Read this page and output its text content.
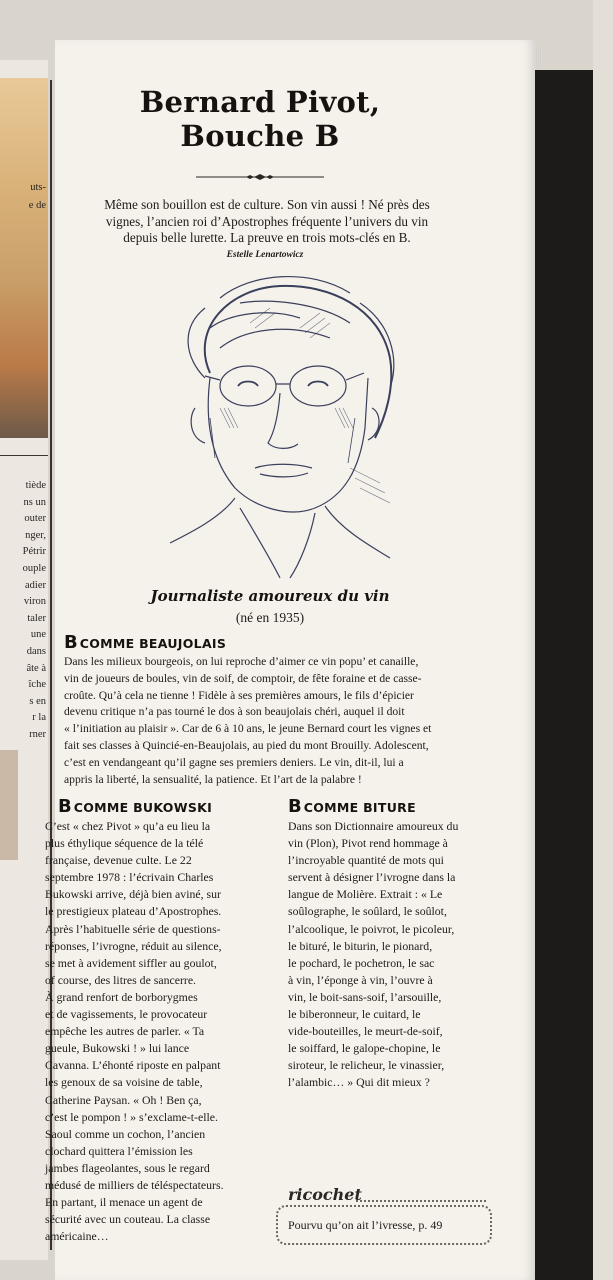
uts-
e de
tiède
ns un
outer
nger,
Pétrir
ouple
adier
viron
taler
une
dans
âte à
îche
s en
r la
rner
Bernard Pivot,
Bouche B
Même son bouillon est de culture. Son vin aussi ! Né près des
vignes, l’ancien roi d’Apostrophes fréquente l’univers du vin
depuis belle lurette. La preuve en trois mots-clés en B.
Estelle Lenartowicz
Journaliste amoureux du vin
(né en 1935)
B COMME BEAUJOLAIS
Dans les milieux bourgeois, on lui reproche d’aimer ce vin popu’ et canaille,
vin de joueurs de boules, vin de soif, de comptoir, de fête foraine et de casse-
croûte. Qu’à cela ne tienne ! Fidèle à ses premières amours, le fils d’épicier
devenu critique n’a pas tourné le dos à son beaujolais chéri, auquel il doit
« l’initiation au plaisir ». Car de 6 à 10 ans, le jeune Bernard court les vignes et
fait ses classes à Quincié-en-Beaujolais, au pied du mont Brouilly. Adolescent,
c’est en vendangeant qu’il gagne ses premiers deniers. Le vin, dit-il, lui a
appris la liberté, la sensualité, la patience. Et l’art de la palabre !
B COMME BUKOWSKI
C’est « chez Pivot » qu’a eu lieu la
plus éthylique séquence de la télé
française, devenue culte. Le 22
septembre 1978 : l’écrivain Charles
Bukowski arrive, déjà bien aviné, sur
le prestigieux plateau d’Apostrophes.
Après l’habituelle série de questions-
réponses, l’ivrogne, réduit au silence,
se met à avidement siffler au goulot,
of course, des litres de sancerre.
À grand renfort de borborygmes
et de vagissements, le provocateur
empêche les autres de parler. « Ta
gueule, Bukowski ! » lui lance
Cavanna. L’éhonté riposte en palpant
les genoux de sa voisine de table,
Catherine Paysan. « Oh ! Ben ça,
c’est le pompon ! » s’exclame-t-elle.
Saoul comme un cochon, l’ancien
clochard quittera l’émission les
jambes flageolantes, sous le regard
médusé de milliers de téléspectateurs.
En partant, il menace un agent de
sécurité avec un couteau. La classe
américaine…
B COMME BITURE
Dans son Dictionnaire amoureux du
vin (Plon), Pivot rend hommage à
l’incroyable quantité de mots qui
servent à désigner l’ivrogne dans la
langue de Molière. Extrait : « Le
soûlographe, le soûlard, le soûlot,
l’alcoolique, le poivrot, le picoleur,
le bituré, le biturin, le pionard,
le pochard, le pochetron, le sac
à vin, l’éponge à vin, l’ouvre à
vin, le boit-sans-soif, l’arsouille,
le biberonneur, le cuitard, le
vide-bouteilles, le meurt-de-soif,
le soiffard, le galope-chopine, le
siroteur, le relicheur, le vinassier,
l’alambic… » Qui dit mieux ?
ricochet
Pourvu qu’on ait l’ivresse, p. 49
